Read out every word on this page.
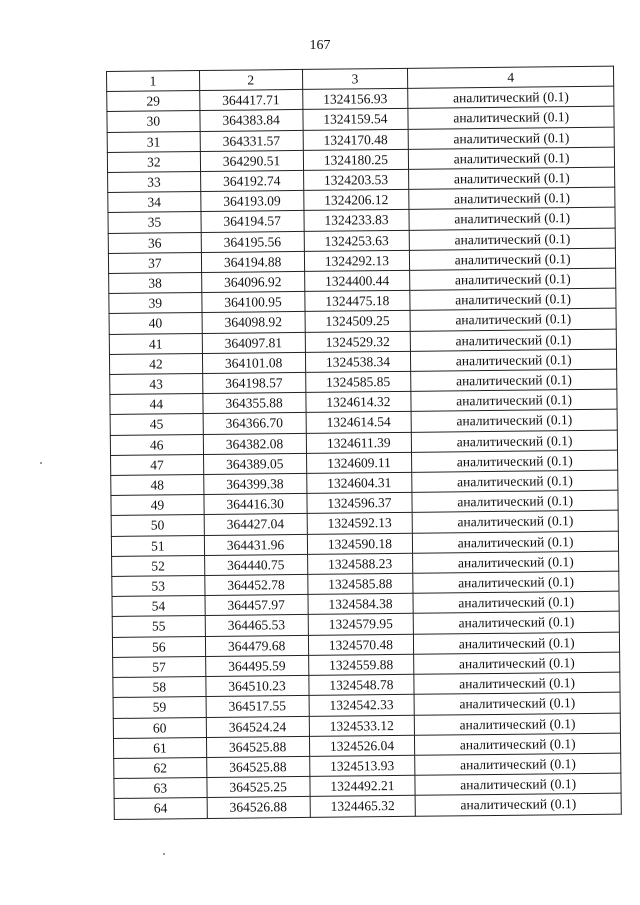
167
1	2	3	4
29	364417.71	1324156.93	аналитический (0.1)
30	364383.84	1324159.54	аналитический (0.1)
31	364331.57	1324170.48	аналитический (0.1)
32	364290.51	1324180.25	аналитический (0.1)
33	364192.74	1324203.53	аналитический (0.1)
34	364193.09	1324206.12	аналитический (0.1)
35	364194.57	1324233.83	аналитический (0.1)
36	364195.56	1324253.63	аналитический (0.1)
37	364194.88	1324292.13	аналитический (0.1)
38	364096.92	1324400.44	аналитический (0.1)
39	364100.95	1324475.18	аналитический (0.1)
40	364098.92	1324509.25	аналитический (0.1)
41	364097.81	1324529.32	аналитический (0.1)
42	364101.08	1324538.34	аналитический (0.1)
43	364198.57	1324585.85	аналитический (0.1)
44	364355.88	1324614.32	аналитический (0.1)
45	364366.70	1324614.54	аналитический (0.1)
46	364382.08	1324611.39	аналитический (0.1)
47	364389.05	1324609.11	аналитический (0.1)
48	364399.38	1324604.31	аналитический (0.1)
49	364416.30	1324596.37	аналитический (0.1)
50	364427.04	1324592.13	аналитический (0.1)
51	364431.96	1324590.18	аналитический (0.1)
52	364440.75	1324588.23	аналитический (0.1)
53	364452.78	1324585.88	аналитический (0.1)
54	364457.97	1324584.38	аналитический (0.1)
55	364465.53	1324579.95	аналитический (0.1)
56	364479.68	1324570.48	аналитический (0.1)
57	364495.59	1324559.88	аналитический (0.1)
58	364510.23	1324548.78	аналитический (0.1)
59	364517.55	1324542.33	аналитический (0.1)
60	364524.24	1324533.12	аналитический (0.1)
61	364525.88	1324526.04	аналитический (0.1)
62	364525.88	1324513.93	аналитический (0.1)
63	364525.25	1324492.21	аналитический (0.1)
64	364526.88	1324465.32	аналитический (0.1)
